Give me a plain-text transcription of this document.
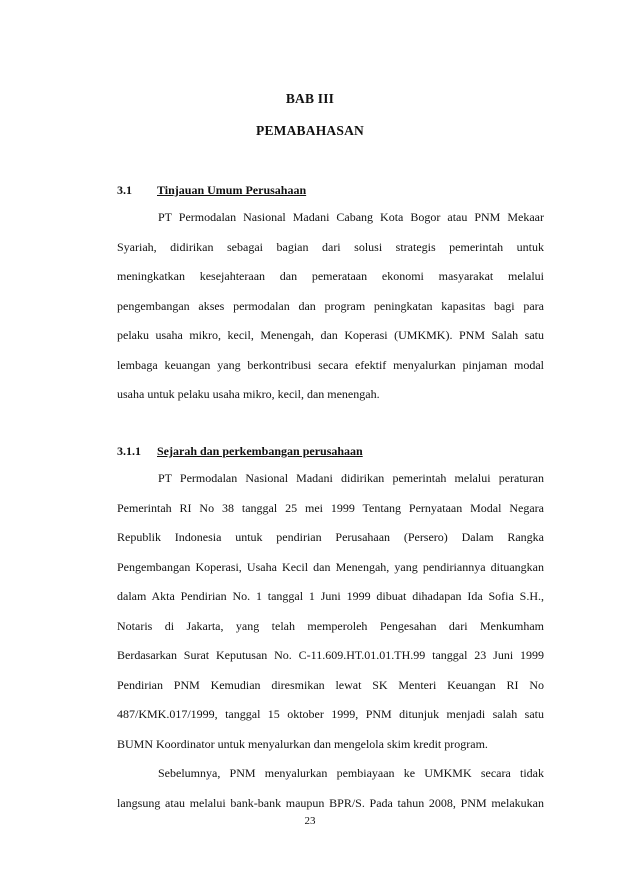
BAB III
PEMABAHASAN
3.1 Tinjauan Umum Perusahaan
PT Permodalan Nasional Madani Cabang Kota Bogor atau PNM Mekaar
Syariah, didirikan sebagai bagian dari solusi strategis pemerintah untuk
meningkatkan kesejahteraan dan pemerataan ekonomi masyarakat melalui
pengembangan akses permodalan dan program peningkatan kapasitas bagi para
pelaku usaha mikro, kecil, Menengah, dan Koperasi (UMKMK). PNM Salah satu
lembaga keuangan yang berkontribusi secara efektif menyalurkan pinjaman modal
usaha untuk pelaku usaha mikro, kecil, dan menengah.
3.1.1 Sejarah dan perkembangan perusahaan
PT Permodalan Nasional Madani didirikan pemerintah melalui peraturan
Pemerintah RI No 38 tanggal 25 mei 1999 Tentang Pernyataan Modal Negara
Republik Indonesia untuk pendirian Perusahaan (Persero) Dalam Rangka
Pengembangan Koperasi, Usaha Kecil dan Menengah, yang pendiriannya dituangkan
dalam Akta Pendirian No. 1 tanggal 1 Juni 1999 dibuat dihadapan Ida Sofia S.H.,
Notaris di Jakarta, yang telah memperoleh Pengesahan dari Menkumham
Berdasarkan Surat Keputusan No. C-11.609.HT.01.01.TH.99 tanggal 23 Juni 1999
Pendirian PNM Kemudian diresmikan lewat SK Menteri Keuangan RI No
487/KMK.017/1999, tanggal 15 oktober 1999, PNM ditunjuk menjadi salah satu
BUMN Koordinator untuk menyalurkan dan mengelola skim kredit program.
Sebelumnya, PNM menyalurkan pembiayaan ke UMKMK secara tidak
langsung atau melalui bank-bank maupun BPR/S. Pada tahun 2008, PNM melakukan
23
